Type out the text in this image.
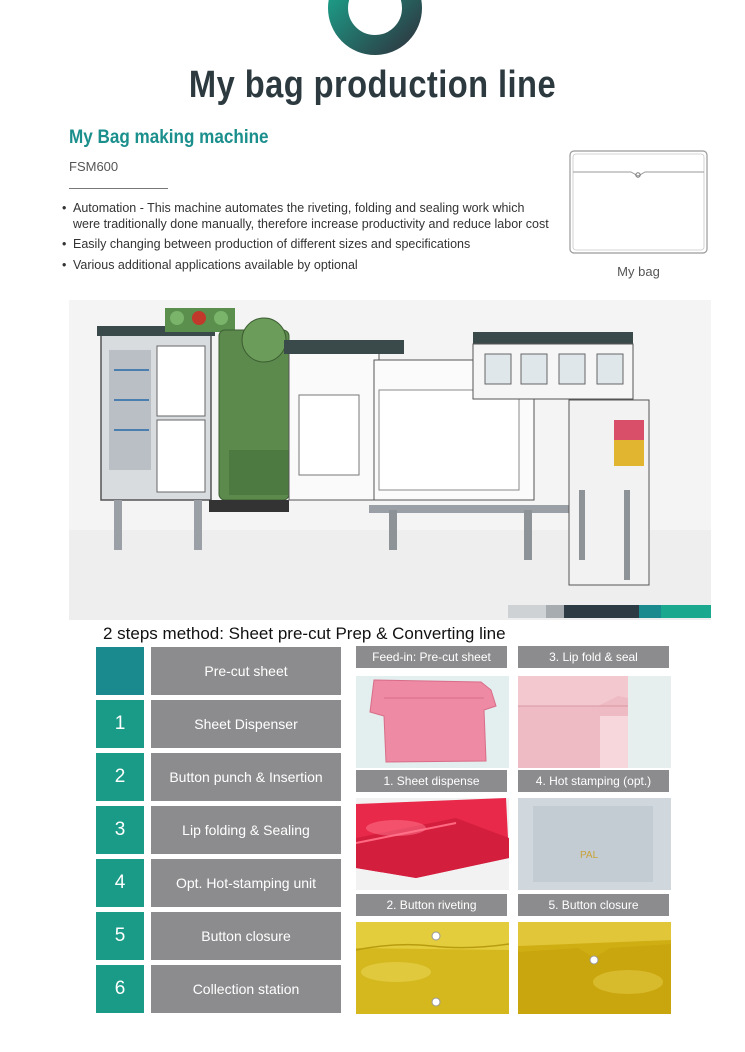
My bag production line
My Bag making machine
FSM600
• Automation - This machine automates the riveting, folding and sealing work which were traditionally done manually, therefore increase productivity and reduce labor cost
• Easily changing between production of different sizes and specifications
• Various additional applications available by optional	My bag
2 steps method: Sheet pre-cut Prep & Converting line
Pre-cut sheet
1	Sheet Dispenser
2	Button punch & Insertion
3	Lip folding & Sealing
4	Opt. Hot-stamping unit
5	Button closure
6	Collection station
Feed-in: Pre-cut sheet	3. Lip fold & seal
1. Sheet dispense	4. Hot stamping (opt.)
PAL
2. Button riveting	5. Button closure
